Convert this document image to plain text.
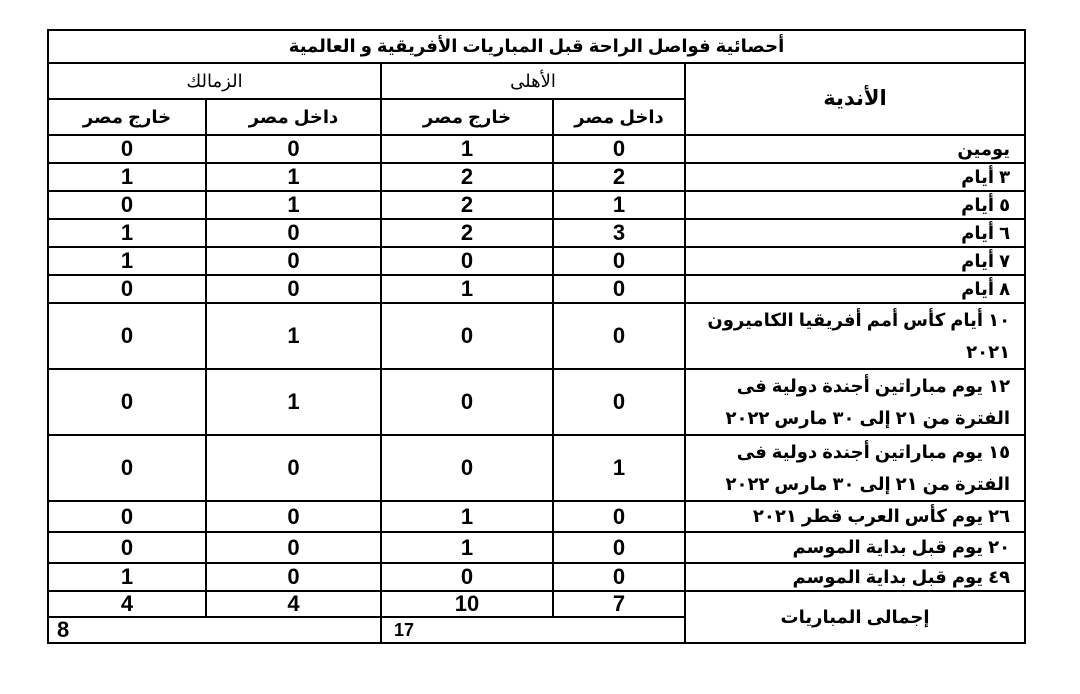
أحصائية فواصل الراحة قبل المباريات الأفريقية و العالمية				
الزمالك		الأهلى		الأندية
خارج مصر	داخل مصر	خارج مصر	داخل مصر	
0	0	1	0	يومين
1	1	2	2	٣ أيام
0	1	2	1	٥ أيام
1	0	2	3	٦ أيام
1	0	0	0	٧ أيام
0	0	1	0	٨ أيام
0	1	0	0	١٠ أيام كأس أمم أفريقيا الكاميرون ٢٠٢١
0	1	0	0	١٢ يوم مباراتين أجندة دولية فى الفترة من ٢١ إلى ٣٠ مارس ٢٠٢٢
0	0	0	1	١٥ يوم مباراتين أجندة دولية فى الفترة من ٢١ إلى ٣٠ مارس ٢٠٢٢
0	0	1	0	٢٦ يوم كأس العرب قطر ٢٠٢١
0	0	1	0	٢٠ يوم قبل بداية الموسم
1	0	0	0	٤٩ يوم قبل بداية الموسم
4	4	10	7	إجمالى المباريات
8		17		
